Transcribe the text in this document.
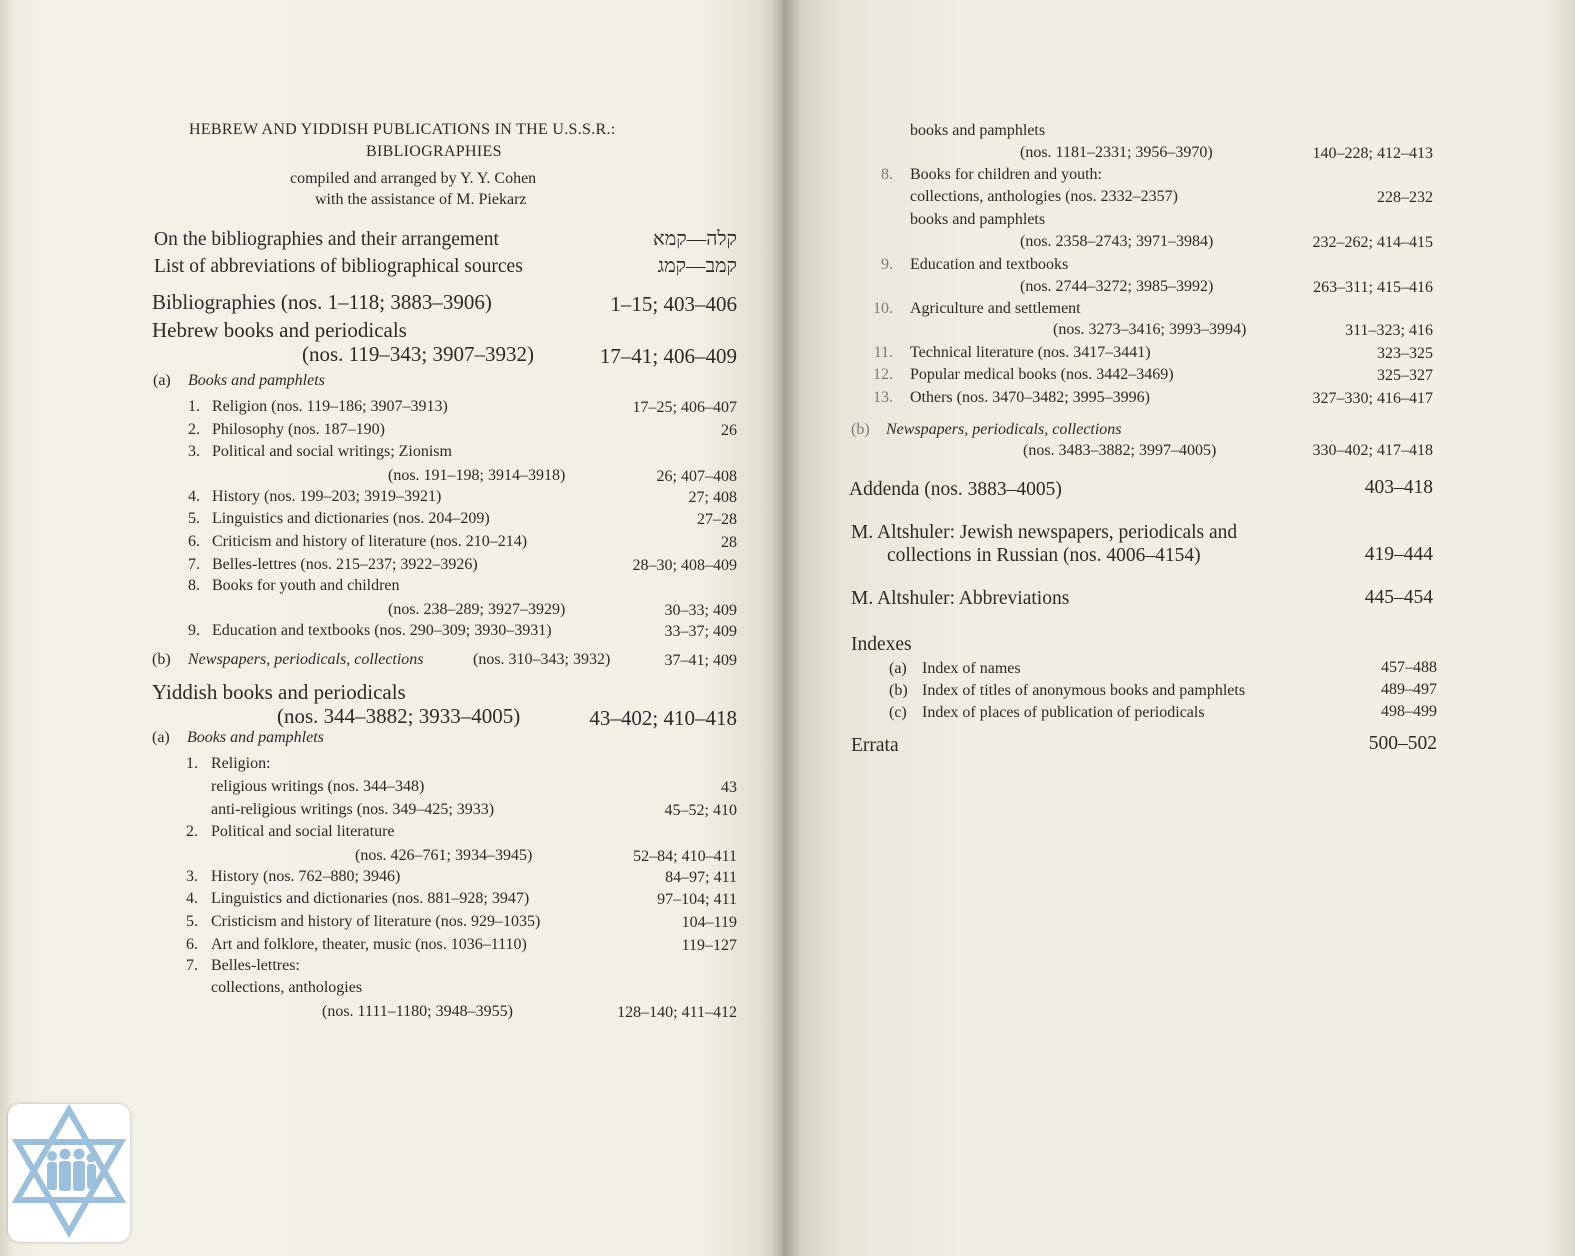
HEBREW AND YIDDISH PUBLICATIONS IN THE U.S.S.R.:
BIBLIOGRAPHIES
compiled and arranged by Y. Y. Cohen
with the assistance of M. Piekarz
On the bibliographies and their arrangement	קלה—קמא
List of abbreviations of bibliographical sources	קמב—קמג
Bibliographies (nos. 1–118; 3883–3906)	1–15; 403–406
Hebrew books and periodicals
(nos. 119–343; 3907–3932)	17–41; 406–409
(a) Books and pamphlets
1. Religion (nos. 119–186; 3907–3913)	17–25; 406–407
2. Philosophy (nos. 187–190)	26
3. Political and social writings; Zionism
(nos. 191–198; 3914–3918)	26; 407–408
4. History (nos. 199–203; 3919–3921)	27; 408
5. Linguistics and dictionaries (nos. 204–209)	27–28
6. Criticism and history of literature (nos. 210–214)	28
7. Belles-lettres (nos. 215–237; 3922–3926)	28–30; 408–409
8. Books for youth and children
(nos. 238–289; 3927–3929)	30–33; 409
9. Education and textbooks (nos. 290–309; 3930–3931)	33–37; 409
(b) Newspapers, periodicals, collections	(nos. 310–343; 3932)	37–41; 409
Yiddish books and periodicals
(nos. 344–3882; 3933–4005)	43–402; 410–418
(a) Books and pamphlets
1. Religion:
religious writings (nos. 344–348)	43
anti-religious writings (nos. 349–425; 3933)	45–52; 410
2. Political and social literature
(nos. 426–761; 3934–3945)	52–84; 410–411
3. History (nos. 762–880; 3946)	84–97; 411
4. Linguistics and dictionaries (nos. 881–928; 3947)	97–104; 411
5. Cristicism and history of literature (nos. 929–1035)	104–119
6. Art and folklore, theater, music (nos. 1036–1110)	119–127
7. Belles-lettres:
collections, anthologies
(nos. 1111–1180; 3948–3955)	128–140; 411–412
books and pamphlets
(nos. 1181–2331; 3956–3970)	140–228; 412–413
8. Books for children and youth:
collections, anthologies (nos. 2332–2357)	228–232
books and pamphlets
(nos. 2358–2743; 3971–3984)	232–262; 414–415
9. Education and textbooks
(nos. 2744–3272; 3985–3992)	263–311; 415–416
10. Agriculture and settlement
(nos. 3273–3416; 3993–3994)	311–323; 416
11. Technical literature (nos. 3417–3441)	323–325
12. Popular medical books (nos. 3442–3469)	325–327
13. Others (nos. 3470–3482; 3995–3996)	327–330; 416–417
(b) Newspapers, periodicals, collections
(nos. 3483–3882; 3997–4005)	330–402; 417–418
Addenda (nos. 3883–4005)	403–418
M. Altshuler: Jewish newspapers, periodicals and
collections in Russian (nos. 4006–4154)	419–444
M. Altshuler: Abbreviations	445–454
Indexes
(a) Index of names	457–488
(b) Index of titles of anonymous books and pamphlets	489–497
(c) Index of places of publication of periodicals	498–499
Errata	500–502
